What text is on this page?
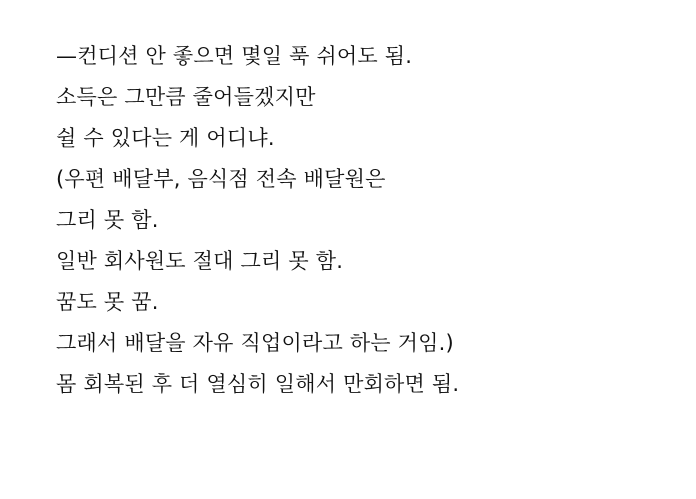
—컨디션 안 좋으면 몇일 푹 쉬어도 됨.
소득은 그만큼 줄어들겠지만
쉴 수 있다는 게 어디냐.
(우편 배달부, 음식점 전속 배달원은
그리 못 함.
일반 회사원도 절대 그리 못 함.
꿈도 못 꿈.
그래서 배달을 자유 직업이라고 하는 거임.)
몸 회복된 후 더 열심히 일해서 만회하면 됨.
